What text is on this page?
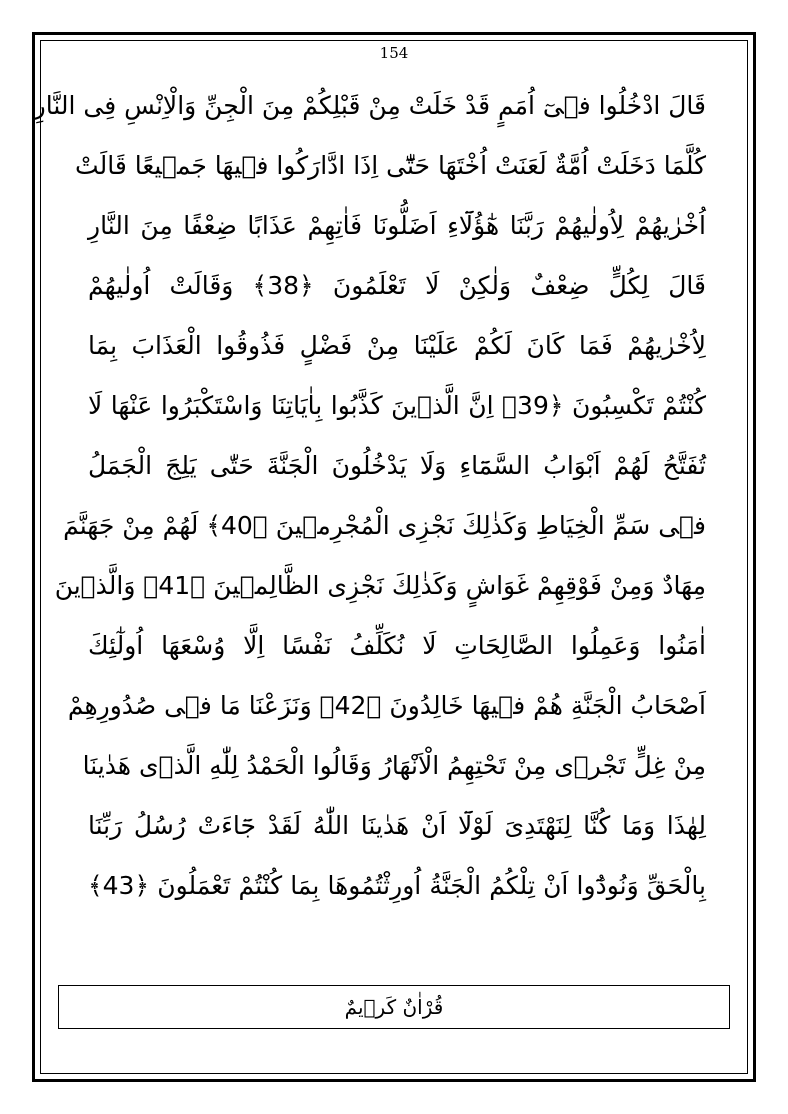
154
قَالَ ادْخُلُوا فٖىٓ اُمَمٍ قَدْ خَلَتْ مِنْ قَبْلِكُمْ مِنَ الْجِنِّ وَالْاِنْسِ فِى النَّارِ
كُلَّمَا دَخَلَتْ اُمَّةٌ لَعَنَتْ اُخْتَهَا حَتّٰٓى اِذَا ادَّارَكُوا فٖيهَا جَمٖيعًا قَالَتْ
اُخْرٰيهُمْ لِاُولٰيهُمْ رَبَّنَا هٰٓؤُلَٓاءِ اَضَلُّونَا فَاٰتِهِمْ عَذَابًا ضِعْفًا مِنَ النَّارِ
قَالَ لِكُلٍّ ضِعْفٌ وَلٰكِنْ لَا تَعْلَمُونَ ﴿38﴾ وَقَالَتْ اُولٰيهُمْ
لِاُخْرٰيهُمْ فَمَا كَانَ لَكُمْ عَلَيْنَا مِنْ فَضْلٍ فَذُوقُوا الْعَذَابَ بِمَا
كُنْتُمْ تَكْسِبُونَ ﴿39﴾ اِنَّ الَّذٖينَ كَذَّبُوا بِاٰيَاتِنَا وَاسْتَكْبَرُوا عَنْهَا لَا
تُفَتَّحُ لَهُمْ اَبْوَابُ السَّمَٓاءِ وَلَا يَدْخُلُونَ الْجَنَّةَ حَتّٰى يَلِجَ الْجَمَلُ
فٖى سَمِّ الْخِيَاطِ وَكَذٰلِكَ نَجْزِى الْمُجْرِمٖينَ ﴿40﴾ لَهُمْ مِنْ جَهَنَّمَ
مِهَادٌ وَمِنْ فَوْقِهِمْ غَوَاشٍ وَكَذٰلِكَ نَجْزِى الظَّالِمٖينَ ﴿41﴾ وَالَّذٖينَ
اٰمَنُوا وَعَمِلُوا الصَّالِحَاتِ لَا نُكَلِّفُ نَفْسًا اِلَّا وُسْعَهَا اُولٰٓئِكَ
اَصْحَابُ الْجَنَّةِ هُمْ فٖيهَا خَالِدُونَ ﴿42﴾ وَنَزَعْنَا مَا فٖى صُدُورِهِمْ
مِنْ غِلٍّ تَجْرٖى مِنْ تَحْتِهِمُ الْاَنْهَارُ وَقَالُوا الْحَمْدُ لِلّٰهِ الَّذٖى هَدٰينَا
لِهٰذَا وَمَا كُنَّا لِنَهْتَدِىَ لَوْلَٓا اَنْ هَدٰينَا اللّٰهُ لَقَدْ جَٓاءَتْ رُسُلُ رَبِّنَا
بِالْحَقِّ وَنُودُٓوا اَنْ تِلْكُمُ الْجَنَّةُ اُورِثْتُمُوهَا بِمَا كُنْتُمْ تَعْمَلُونَ ﴿43﴾
قُرْاٰنٌ كَرٖيمٌ
